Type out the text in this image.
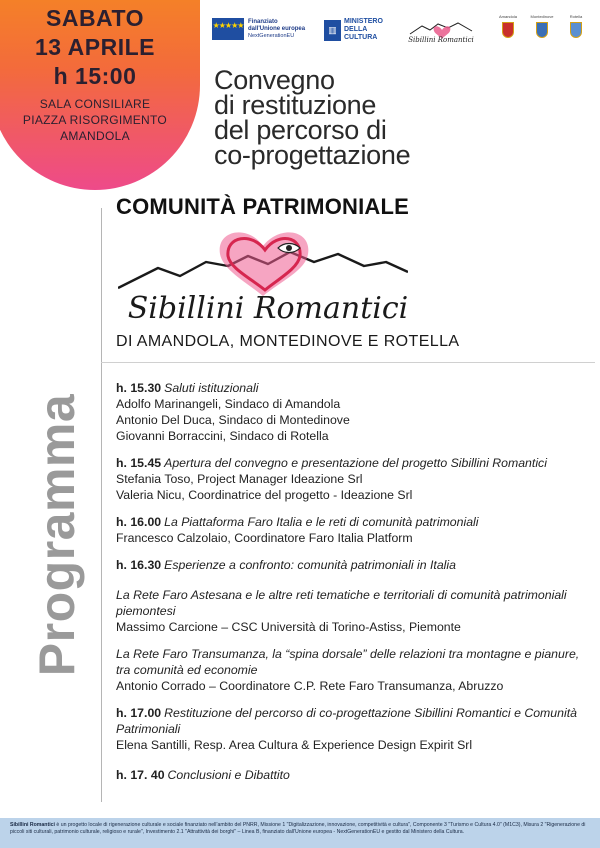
SABATO
13 APRILE
h 15:00
SALA CONSILIARE
PIAZZA RISORGIMENTO
AMANDOLA
★★★★★ Finanziato
dall'Unione europea
NextGenerationEU
▥
MINISTERO
DELLA
CULTURA	Sibillini Romantici
Amandola	Montedinove	Rotella
Convegno
di restituzione
del percorso di
co-progettazione
COMUNITÀ PATRIMONIALE
Sibillini Romantici
DI AMANDOLA, MONTEDINOVE E ROTELLA
Programma
h. 15.30 Saluti istituzionali
Adolfo Marinangeli, Sindaco di Amandola
Antonio Del Duca, Sindaco di Montedinove
Giovanni Borraccini, Sindaco di Rotella
h. 15.45 Apertura del convegno e presentazione del progetto Sibillini Romantici
Stefania Toso, Project Manager Ideazione Srl
Valeria Nicu, Coordinatrice del progetto - Ideazione Srl
h. 16.00 La Piattaforma Faro Italia e le reti di comunità patrimoniali
Francesco Calzolaio, Coordinatore Faro Italia Platform
h. 16.30 Esperienze a confronto: comunità patrimoniali in Italia
La Rete Faro Astesana e le altre reti tematiche e territoriali di comunità patrimoniali piemontesi
Massimo Carcione – CSC Università di Torino-Astiss, Piemonte
La Rete Faro Transumanza, la “spina dorsale” delle relazioni tra montagne e pianure, tra comunità ed economie
Antonio Corrado – Coordinatore C.P. Rete Faro Transumanza, Abruzzo
h. 17.00 Restituzione del percorso di co-progettazione Sibillini Romantici e Comunità Patrimoniali
Elena Santilli, Resp. Area Cultura & Experience Design Expirit Srl
h. 17. 40 Conclusioni e Dibattito
Sibillini Romantici è un progetto locale di rigenerazione culturale e sociale finanziato nell'ambito del PNRR, Missione 1 "Digitalizzazione, innovazione, competitività e cultura", Componente 3 "Turismo e Cultura 4.0" (M1C3), Misura 2 "Rigenerazione di piccoli siti culturali, patrimonio culturale, religioso e rurale", Investimento 2.1 "Attrattività dei borghi" – Linea B, finanziato dall'Unione europea - NextGenerationEU e gestito dal Ministero della Cultura.
